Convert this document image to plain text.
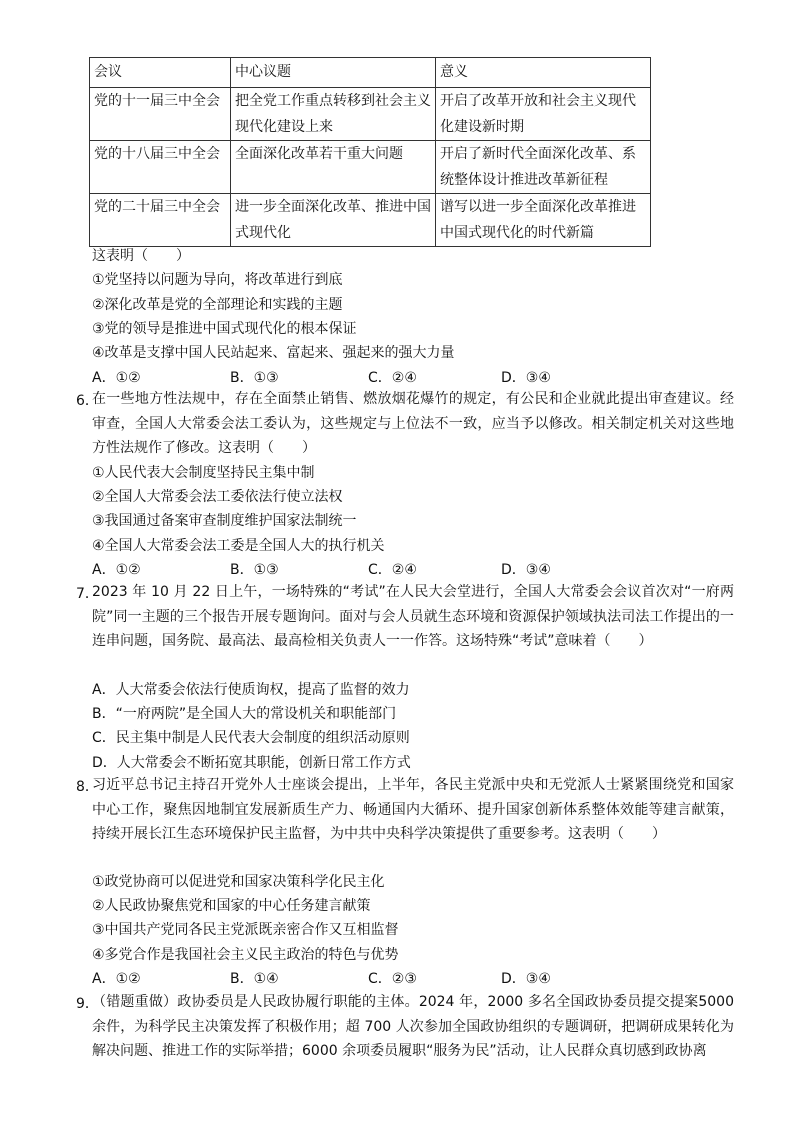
会议	中心议题	意义
党的十一届三中全会	把全党工作重点转移到社会主义现代化建设上来	开启了改革开放和社会主义现代化建设新时期
党的十八届三中全会	全面深化改革若干重大问题	开启了新时代全面深化改革、系统整体设计推进改革新征程
党的二十届三中全会	进一步全面深化改革、推进中国式现代化	谱写以进一步全面深化改革推进中国式现代化的时代新篇
这表明（　　）
①党坚持以问题为导向，将改革进行到底
②深化改革是党的全部理论和实践的主题
③党的领导是推进中国式现代化的根本保证
④改革是支撑中国人民站起来、富起来、强起来的强大力量
A．①②	B．①③	C．②④	D．③④
6．
在一些地方性法规中，存在全面禁止销售、燃放烟花爆竹的规定，有公民和企业就此提出审查建议。经审查，全国人大常委会法工委认为，这些规定与上位法不一致，应当予以修改。相关制定机关对这些地方性法规作了修改。这表明（　　）
①人民代表大会制度坚持民主集中制
②全国人大常委会法工委依法行使立法权
③我国通过备案审查制度维护国家法制统一
④全国人大常委会法工委是全国人大的执行机关
A．①②	B．①③	C．②④	D．③④
7．
2023 年 10 月 22 日上午，一场特殊的“考试”在人民大会堂进行，全国人大常委会会议首次对“一府两院”同一主题的三个报告开展专题询问。面对与会人员就生态环境和资源保护领域执法司法工作提出的一连串问题，国务院、最高法、最高检相关负责人一一作答。这场特殊“考试”意味着（　　）
A．人大常委会依法行使质询权，提高了监督的效力
B．“一府两院”是全国人大的常设机关和职能部门
C．民主集中制是人民代表大会制度的组织活动原则
D．人大常委会不断拓宽其职能，创新日常工作方式
8．
习近平总书记主持召开党外人士座谈会提出，上半年，各民主党派中央和无党派人士紧紧围绕党和国家中心工作，聚焦因地制宜发展新质生产力、畅通国内大循环、提升国家创新体系整体效能等建言献策，持续开展长江生态环境保护民主监督，为中共中央科学决策提供了重要参考。这表明（　　）
①政党协商可以促进党和国家决策科学化民主化
②人民政协聚焦党和国家的中心任务建言献策
③中国共产党同各民主党派既亲密合作又互相监督
④多党合作是我国社会主义民主政治的特色与优势
A．①②	B．①④	C．②③	D．③④
9．
（错题重做）政协委员是人民政协履行职能的主体。2024 年，2000 多名全国政协委员提交提案5000余件，为科学民主决策发挥了积极作用；超 700 人次参加全国政协组织的专题调研，把调研成果转化为解决问题、推进工作的实际举措；6000 余项委员履职“服务为民”活动，让人民群众真切感到政协离
